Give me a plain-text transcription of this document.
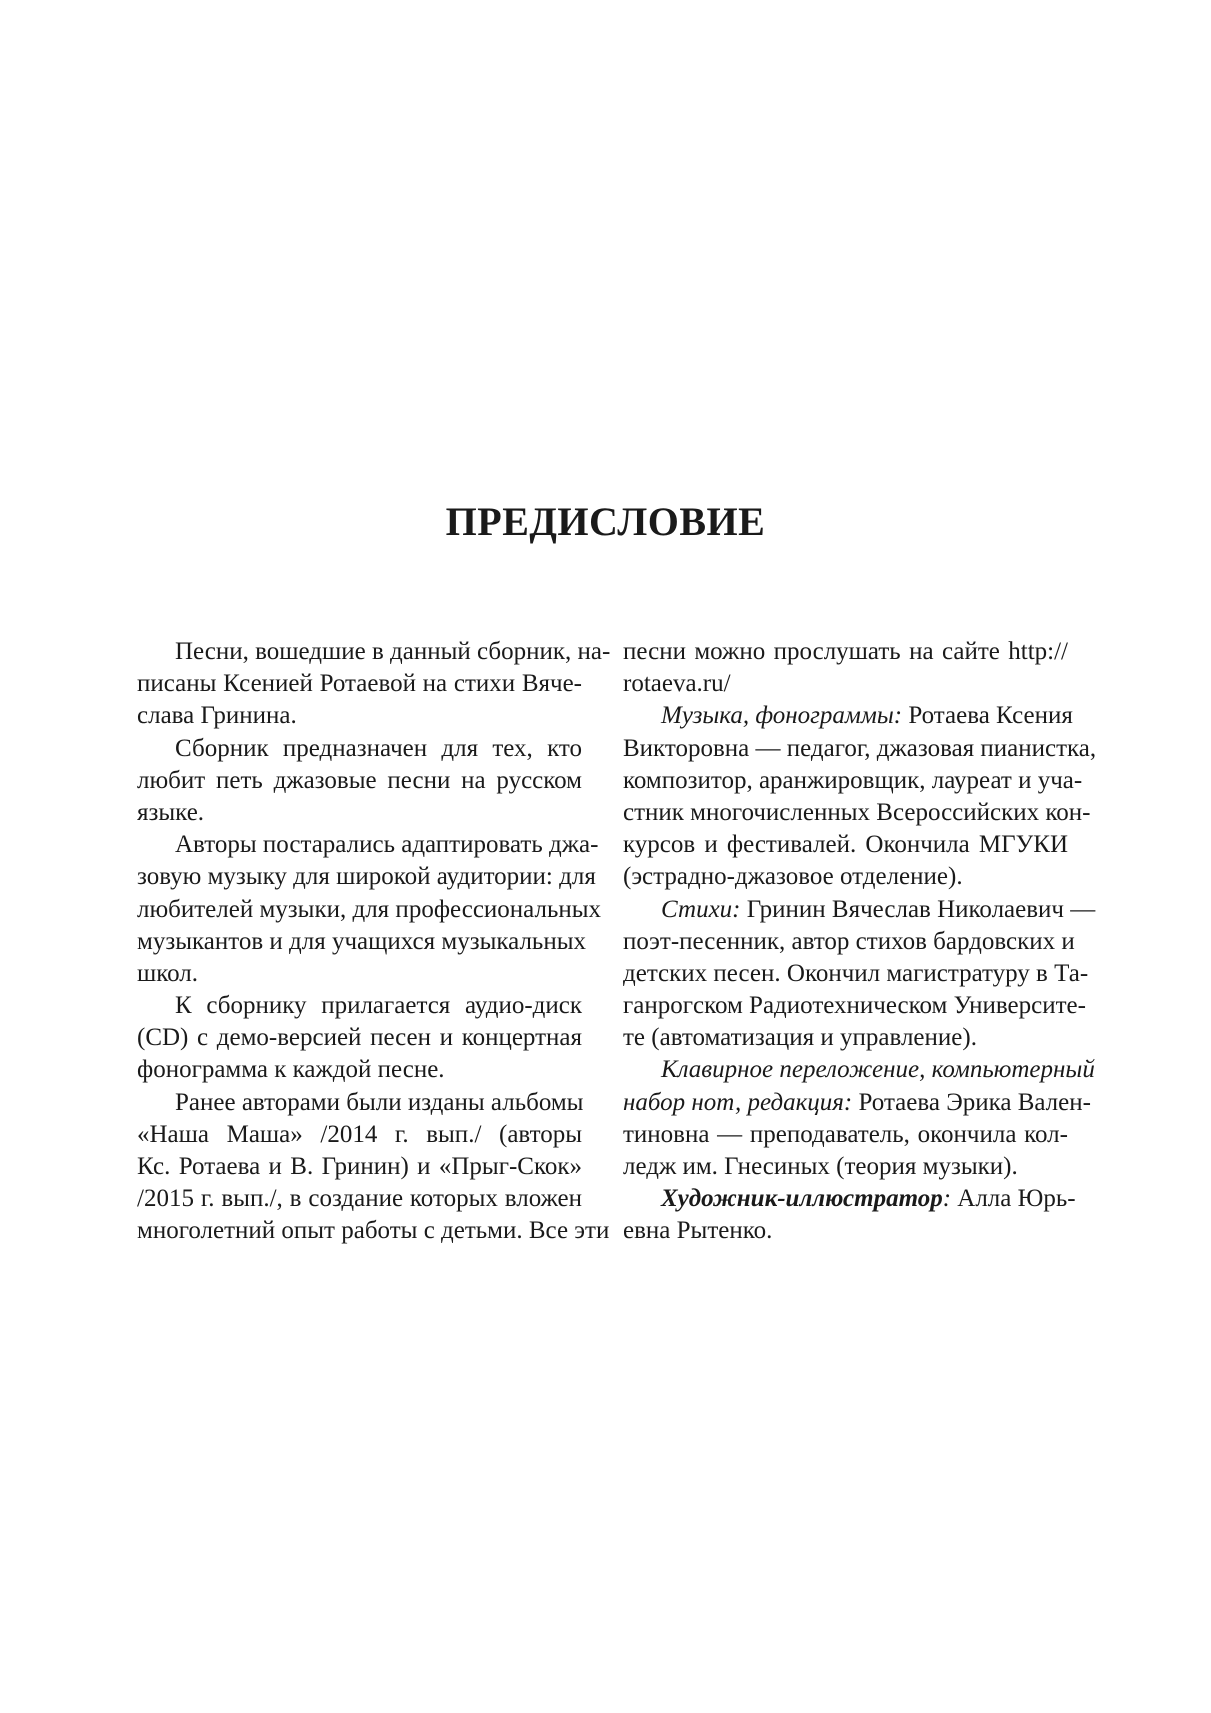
ПРЕДИСЛОВИЕ
Песни, вошедшие в данный сборник, на-
писаны Ксенией Ротаевой на стихи Вяче-
слава Гринина.
Сборник предназначен для тех, кто
любит петь джазовые песни на русском
языке.
Авторы постарались адаптировать джа-
зовую музыку для широкой аудитории: для
любителей музыки, для профессиональных
музыкантов и для учащихся музыкальных
школ.
К сборнику прилагается аудио-диск
(CD) с демо-версией песен и концертная
фонограмма к каждой песне.
Ранее авторами были изданы альбомы
«Наша Маша» /2014 г. вып./ (авторы
Кс. Ротаева и В. Гринин) и «Прыг-Скок»
/2015 г. вып./, в создание которых вложен
многолетний опыт работы с детьми. Все эти
песни можно прослушать на сайте http://
rotaeva.ru/
Музыка, фонограммы: Ротаева Ксения
Викторовна — педагог, джазовая пианистка,
композитор, аранжировщик, лауреат и уча-
стник многочисленных Всероссийских кон-
курсов и фестивалей. Окончила МГУКИ
(эстрадно-джазовое отделение).
Стихи: Гринин Вячеслав Николаевич —
поэт-песенник, автор стихов бардовских и
детских песен. Окончил магистратуру в Та-
ганрогском Радиотехническом Университе-
те (автоматизация и управление).
Клавирное переложение, компьютерный
набор нот, редакция: Ротаева Эрика Вален-
тиновна — преподаватель, окончила кол-
ледж им. Гнесиных (теория музыки).
Художник-иллюстратор: Алла Юрь-
евна Рытенко.
